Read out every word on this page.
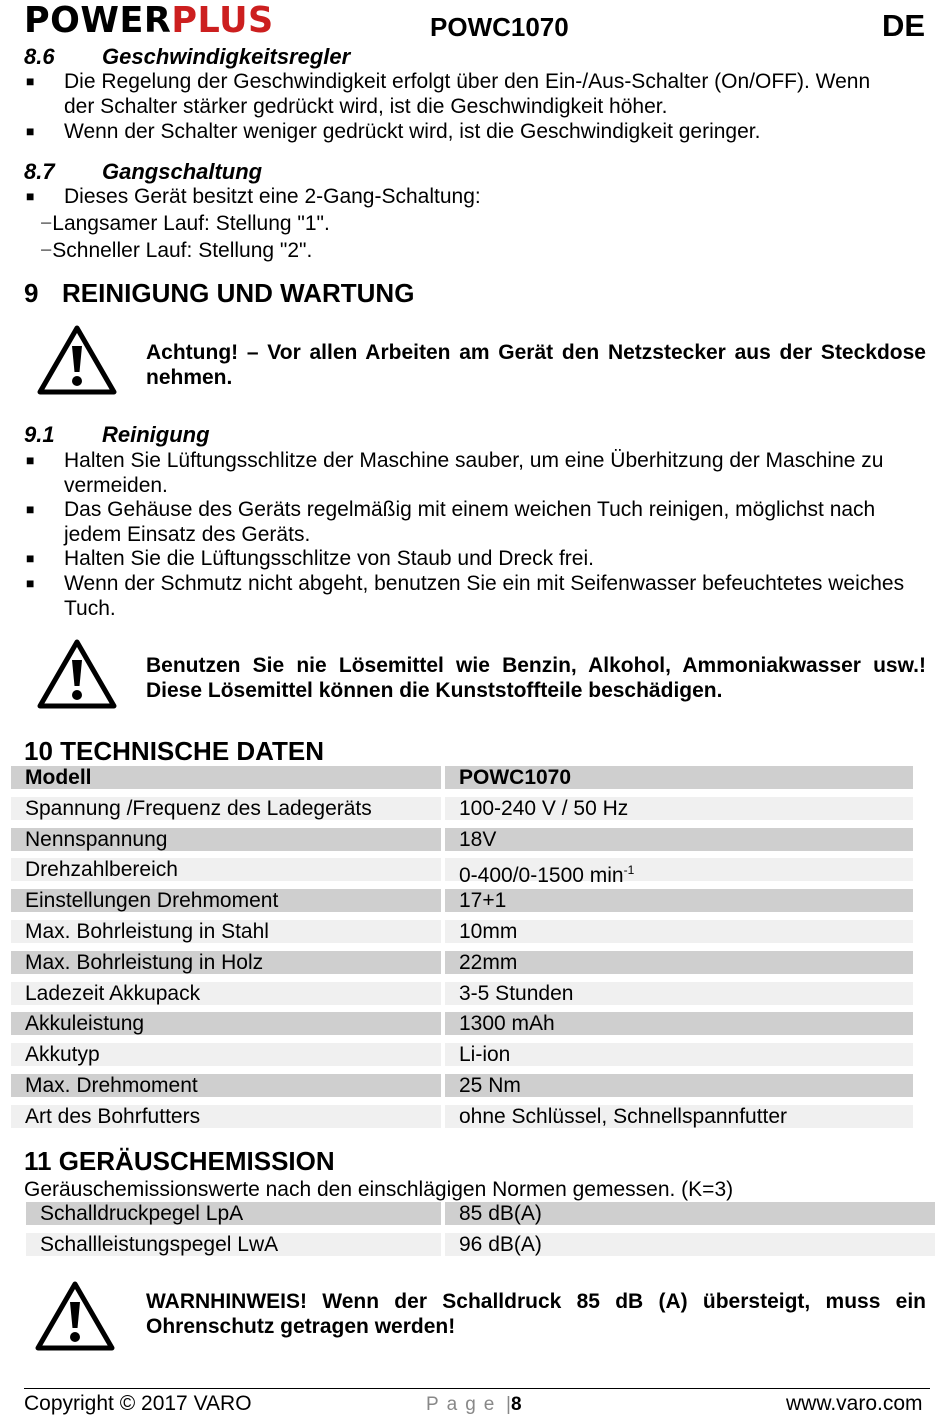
POWERPLUS	POWC1070	DE
8.6 Geschwindigkeitsregler
■ Die Regelung der Geschwindigkeit erfolgt über den Ein-/Aus-Schalter (On/OFF). Wenn der Schalter stärker gedrückt wird, ist die Geschwindigkeit höher.
■ Wenn der Schalter weniger gedrückt wird, ist die Geschwindigkeit geringer.
8.7 Gangschaltung
■ Dieses Gerät besitzt eine 2-Gang-Schaltung:
−Langsamer Lauf: Stellung "1".
−Schneller Lauf: Stellung "2".
9 REINIGUNG UND WARTUNG
Achtung! – Vor allen Arbeiten am Gerät den Netzstecker aus der Steckdose nehmen.
9.1 Reinigung
■ Halten Sie Lüftungsschlitze der Maschine sauber, um eine Überhitzung der Maschine zu vermeiden.
■ Das Gehäuse des Geräts regelmäßig mit einem weichen Tuch reinigen, möglichst nach jedem Einsatz des Geräts.
■ Halten Sie die Lüftungsschlitze von Staub und Dreck frei.
■ Wenn der Schmutz nicht abgeht, benutzen Sie ein mit Seifenwasser befeuchtetes weiches Tuch.
Benutzen Sie nie Lösemittel wie Benzin, Alkohol, Ammoniakwasser usw.! Diese Lösemittel können die Kunststoffteile beschädigen.
10 TECHNISCHE DATEN
Modell	POWC1070
Spannung /Frequenz des Ladegeräts	100-240 V / 50 Hz
Nennspannung	18V
Drehzahlbereich	0-400/0-1500 $\min^{-1}$
Einstellungen Drehmoment	17+1
Max. Bohrleistung in Stahl	10mm
Max. Bohrleistung in Holz	22mm
Ladezeit Akkupack	3-5 Stunden
Akkuleistung	1300 mAh
Akkutyp	Li-ion
Max. Drehmoment	25 Nm
Art des Bohrfutters	ohne Schlüssel, Schnellspannfutter
11 GERÄUSCHEMISSION
Geräuschemissionswerte nach den einschlägigen Normen gemessen. (K=3)
Schalldruckpegel LpA	85 dB(A)
Schallleistungspegel LwA	96 dB(A)
WARNHINWEIS! Wenn der Schalldruck 85 dB (A) übersteigt, muss ein Ohrenschutz getragen werden!
Copyright © 2017 VARO	Page |8	www.varo.com
